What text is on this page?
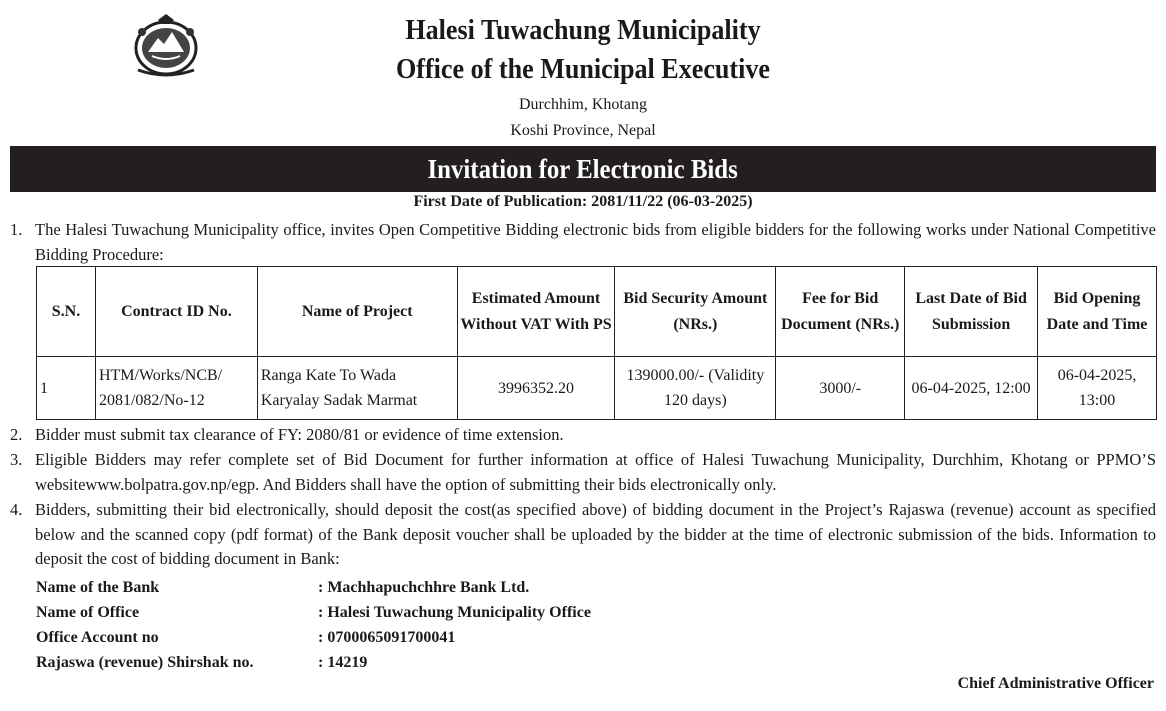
Halesi Tuwachung Municipality
Office of the Municipal Executive
Durchhim, Khotang
Koshi Province, Nepal
Invitation for Electronic Bids
First Date of Publication: 2081/11/22 (06-03-2025)
1. The Halesi Tuwachung Municipality office, invites Open Competitive Bidding electronic bids from eligible bidders for the following works under National Competitive Bidding Procedure:
S.N.	Contract ID No.	Name of Project	Estimated Amount Without VAT With PS	Bid Security Amount (NRs.)	Fee for Bid Document (NRs.)	Last Date of Bid Submission	Bid Opening Date and Time
1	HTM/Works/NCB/ 2081/082/No-12	Ranga Kate To Wada Karyalay Sadak Marmat	3996352.20	139000.00/- (Validity 120 days)	3000/-	06-04-2025, 12:00	06-04-2025, 13:00
2. Bidder must submit tax clearance of FY: 2080/81 or evidence of time extension.
3. Eligible Bidders may refer complete set of Bid Document for further information at office of Halesi Tuwachung Municipality, Durchhim, Khotang or PPMO’S websitewww.bolpatra.gov.np/egp. And Bidders shall have the option of submitting their bids electronically only.
4. Bidders, submitting their bid electronically, should deposit the cost(as specified above) of bidding document in the Project’s Rajaswa (revenue) account as specified below and the scanned copy (pdf format) of the Bank deposit voucher shall be uploaded by the bidder at the time of electronic submission of the bids. Information to deposit the cost of bidding document in Bank:
Name of the Bank	: Machhapuchchhre Bank Ltd.
Name of Office	: Halesi Tuwachung Municipality Office
Office Account no	: 0700065091700041
Rajaswa (revenue) Shirshak no.	: 14219
Chief Administrative Officer
